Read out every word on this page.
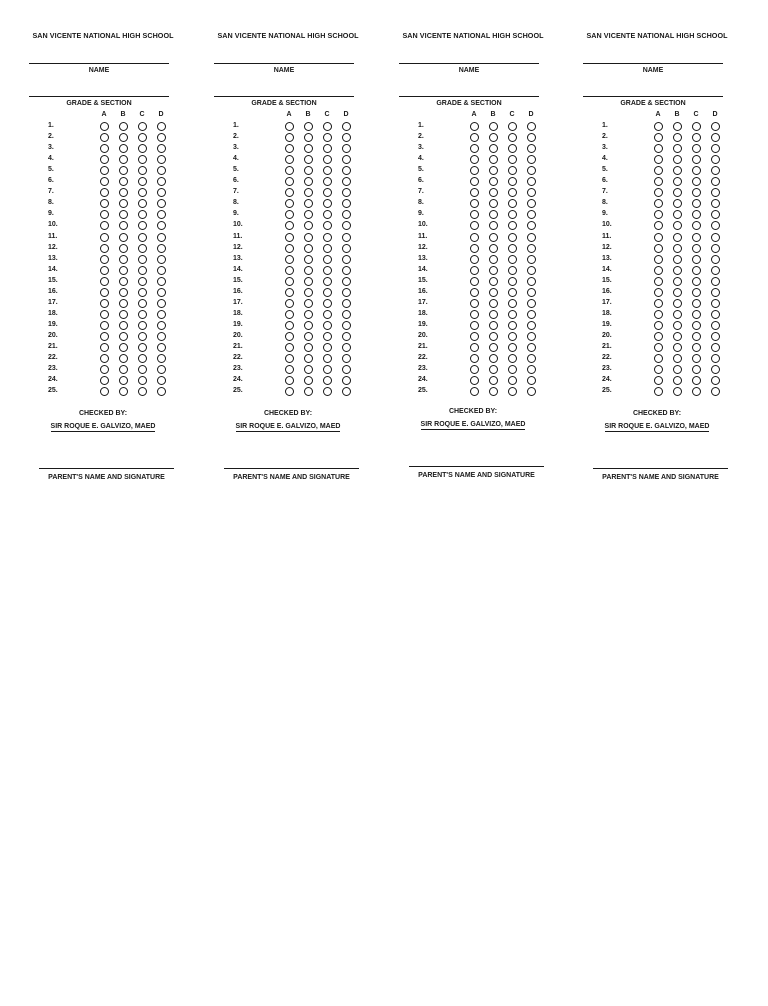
SAN VICENTE NATIONAL HIGH SCHOOL
NAME
GRADE & SECTION
A	B	C	D
1.
2.
3.
4.
5.
6.
7.
8.
9.
10.
11.
12.
13.
14.
15.
16.
17.
18.
19.
20.
21.
22.
23.
24.
25.
CHECKED BY:
SIR ROQUE E. GALVIZO, MAED
PARENT'S NAME AND SIGNATURE
SAN VICENTE NATIONAL HIGH SCHOOL
NAME
GRADE & SECTION
A	B	C	D
1.
2.
3.
4.
5.
6.
7.
8.
9.
10.
11.
12.
13.
14.
15.
16.
17.
18.
19.
20.
21.
22.
23.
24.
25.
CHECKED BY:
SIR ROQUE E. GALVIZO, MAED
PARENT'S NAME AND SIGNATURE
SAN VICENTE NATIONAL HIGH SCHOOL
NAME
GRADE & SECTION
A	B	C	D
1.
2.
3.
4.
5.
6.
7.
8.
9.
10.
11.
12.
13.
14.
15.
16.
17.
18.
19.
20.
21.
22.
23.
24.
25.
CHECKED BY:
SIR ROQUE E. GALVIZO, MAED
PARENT'S NAME AND SIGNATURE
SAN VICENTE NATIONAL HIGH SCHOOL
NAME
GRADE & SECTION
A	B	C	D
1.
2.
3.
4.
5.
6.
7.
8.
9.
10.
11.
12.
13.
14.
15.
16.
17.
18.
19.
20.
21.
22.
23.
24.
25.
CHECKED BY:
SIR ROQUE E. GALVIZO, MAED
PARENT'S NAME AND SIGNATURE
